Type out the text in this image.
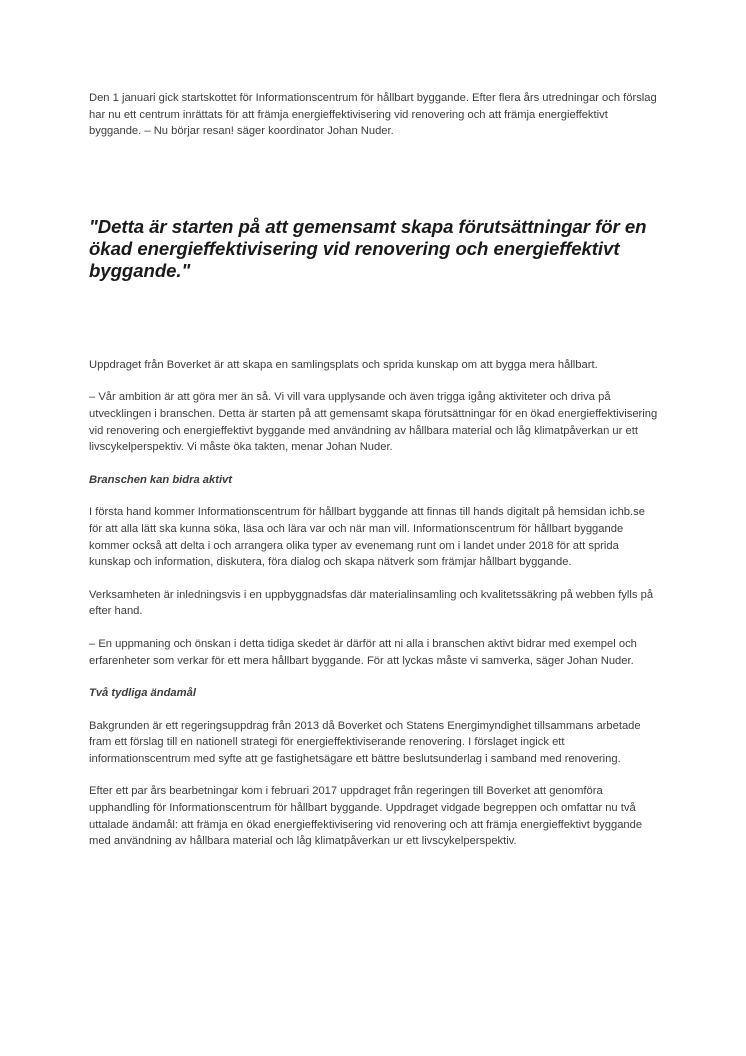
Den 1 januari gick startskottet för Informationscentrum för hållbart byggande. Efter flera års utredningar och förslag har nu ett centrum inrättats för att främja energieffektivisering vid renovering och att främja energieffektivt byggande. – Nu börjar resan! säger koordinator Johan Nuder.

"Detta är starten på att gemensamt skapa förutsättningar för en ökad energieffektivisering vid renovering och energieffektivt byggande."

Uppdraget från Boverket är att skapa en samlingsplats och sprida kunskap om att bygga mera hållbart.

– Vår ambition är att göra mer än så. Vi vill vara upplysande och även trigga igång aktiviteter och driva på utvecklingen i branschen. Detta är starten på att gemensamt skapa förutsättningar för en ökad energieffektivisering vid renovering och energieffektivt byggande med användning av hållbara material och låg klimatpåverkan ur ett livscykelperspektiv. Vi måste öka takten, menar Johan Nuder.

Branschen kan bidra aktivt

I första hand kommer Informationscentrum för hållbart byggande att finnas till hands digitalt på hemsidan ichb.se för att alla lätt ska kunna söka, läsa och lära var och när man vill. Informationscentrum för hållbart byggande kommer också att delta i och arrangera olika typer av evenemang runt om i landet under 2018 för att sprida kunskap och information, diskutera, föra dialog och skapa nätverk som främjar hållbart byggande.

Verksamheten är inledningsvis i en uppbyggnadsfas där materialinsamling och kvalitetssäkring på webben fylls på efter hand.

– En uppmaning och önskan i detta tidiga skedet är därför att ni alla i branschen aktivt bidrar med exempel och erfarenheter som verkar för ett mera hållbart byggande. För att lyckas måste vi samverka, säger Johan Nuder.

Två tydliga ändamål

Bakgrunden är ett regeringsuppdrag från 2013 då Boverket och Statens Energimyndighet tillsammans arbetade fram ett förslag till en nationell strategi för energieffektiviserande renovering. I förslaget ingick ett informationscentrum med syfte att ge fastighetsägare ett bättre beslutsunderlag i samband med renovering.

Efter ett par års bearbetningar kom i februari 2017 uppdraget från regeringen till Boverket att genomföra upphandling för Informationscentrum för hållbart byggande. Uppdraget vidgade begreppen och omfattar nu två uttalade ändamål: att främja en ökad energieffektivisering vid renovering och att främja energieffektivt byggande med användning av hållbara material och låg klimatpåverkan ur ett livscykelperspektiv.
